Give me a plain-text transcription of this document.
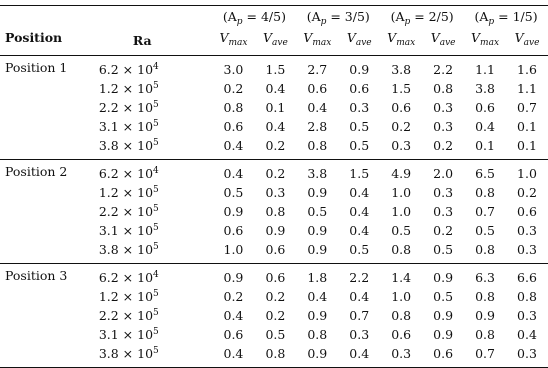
		$(A_p = 4/5)$		$(A_p = 3/5)$		$(A_p = 2/5)$		$(A_p = 1/5)$	
Position	Ra	$V_{max}$	$V_{ave}$	$V_{max}$	$V_{ave}$	$V_{max}$	$V_{ave}$	$V_{max}$	$V_{ave}$
Position 1	$6.2 \times 10^4$	3.0	1.5	2.7	0.9	3.8	2.2	1.1	1.6
	$1.2 \times 10^5$	0.2	0.4	0.6	0.6	1.5	0.8	3.8	1.1
	$2.2 \times 10^5$	0.8	0.1	0.4	0.3	0.6	0.3	0.6	0.7
	$3.1 \times 10^5$	0.6	0.4	2.8	0.5	0.2	0.3	0.4	0.1
	$3.8 \times 10^5$	0.4	0.2	0.8	0.5	0.3	0.2	0.1	0.1
Position 2	$6.2 \times 10^4$	0.4	0.2	3.8	1.5	4.9	2.0	6.5	1.0
	$1.2 \times 10^5$	0.5	0.3	0.9	0.4	1.0	0.3	0.8	0.2
	$2.2 \times 10^5$	0.9	0.8	0.5	0.4	1.0	0.3	0.7	0.6
	$3.1 \times 10^5$	0.6	0.9	0.9	0.4	0.5	0.2	0.5	0.3
	$3.8 \times 10^5$	1.0	0.6	0.9	0.5	0.8	0.5	0.8	0.3
Position 3	$6.2 \times 10^4$	0.9	0.6	1.8	2.2	1.4	0.9	6.3	6.6
	$1.2 \times 10^5$	0.2	0.2	0.4	0.4	1.0	0.5	0.8	0.8
	$2.2 \times 10^5$	0.4	0.2	0.9	0.7	0.8	0.9	0.9	0.3
	$3.1 \times 10^5$	0.6	0.5	0.8	0.3	0.6	0.9	0.8	0.4
	$3.8 \times 10^5$	0.4	0.8	0.9	0.4	0.3	0.6	0.7	0.3
